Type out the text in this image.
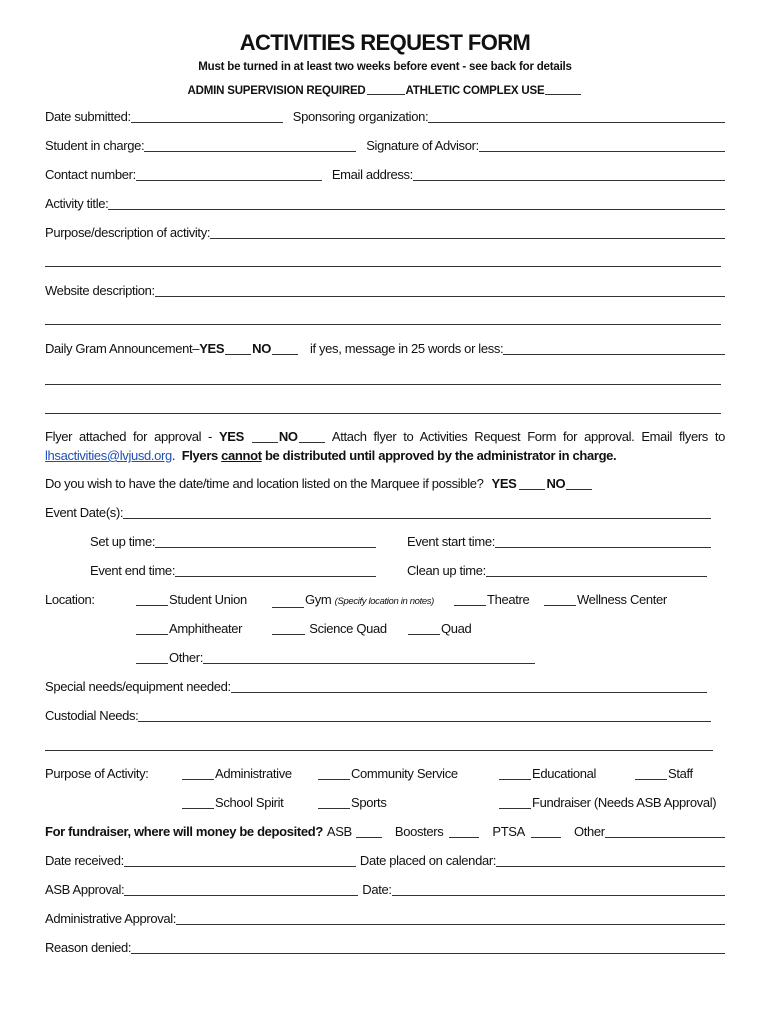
ACTIVITIES REQUEST FORM
Must be turned in at least two weeks before event - see back for details
ADMIN SUPERVISION REQUIRED	ATHLETIC COMPLEX USE
Date submitted:	Sponsoring organization:
Student in charge:	Signature of Advisor:
Contact number:	Email address:
Activity title:
Purpose/description of activity:
Website description:
Daily Gram Announcement– YES NO	if yes, message in 25 words or less:
Flyer attached for approval - YES	NO	Attach flyer to Activities Request Form for approval. Email flyers to
lhsactivities@lvjusd.org. Flyers cannot be distributed until approved by the administrator in charge.
Do you wish to have the date/time and location listed on the Marquee if possible? YES NO
Event Date(s):
Set up time:	Event start time:
Event end time:	Clean up time:
Location:	Student Union	Gym (Specify location in notes)	Theatre	Wellness Center
Amphitheater	Science Quad	Quad
Other:
Special needs/equipment needed:
Custodial Needs:
Purpose of Activity:	Administrative	Community Service	Educational	Staff
School Spirit	Sports	Fundraiser (Needs ASB Approval)
For fundraiser, where will money be deposited? ASB	Boosters	PTSA	Other
Date received:	Date placed on calendar:
ASB Approval:	Date:
Administrative Approval:
Reason denied:
